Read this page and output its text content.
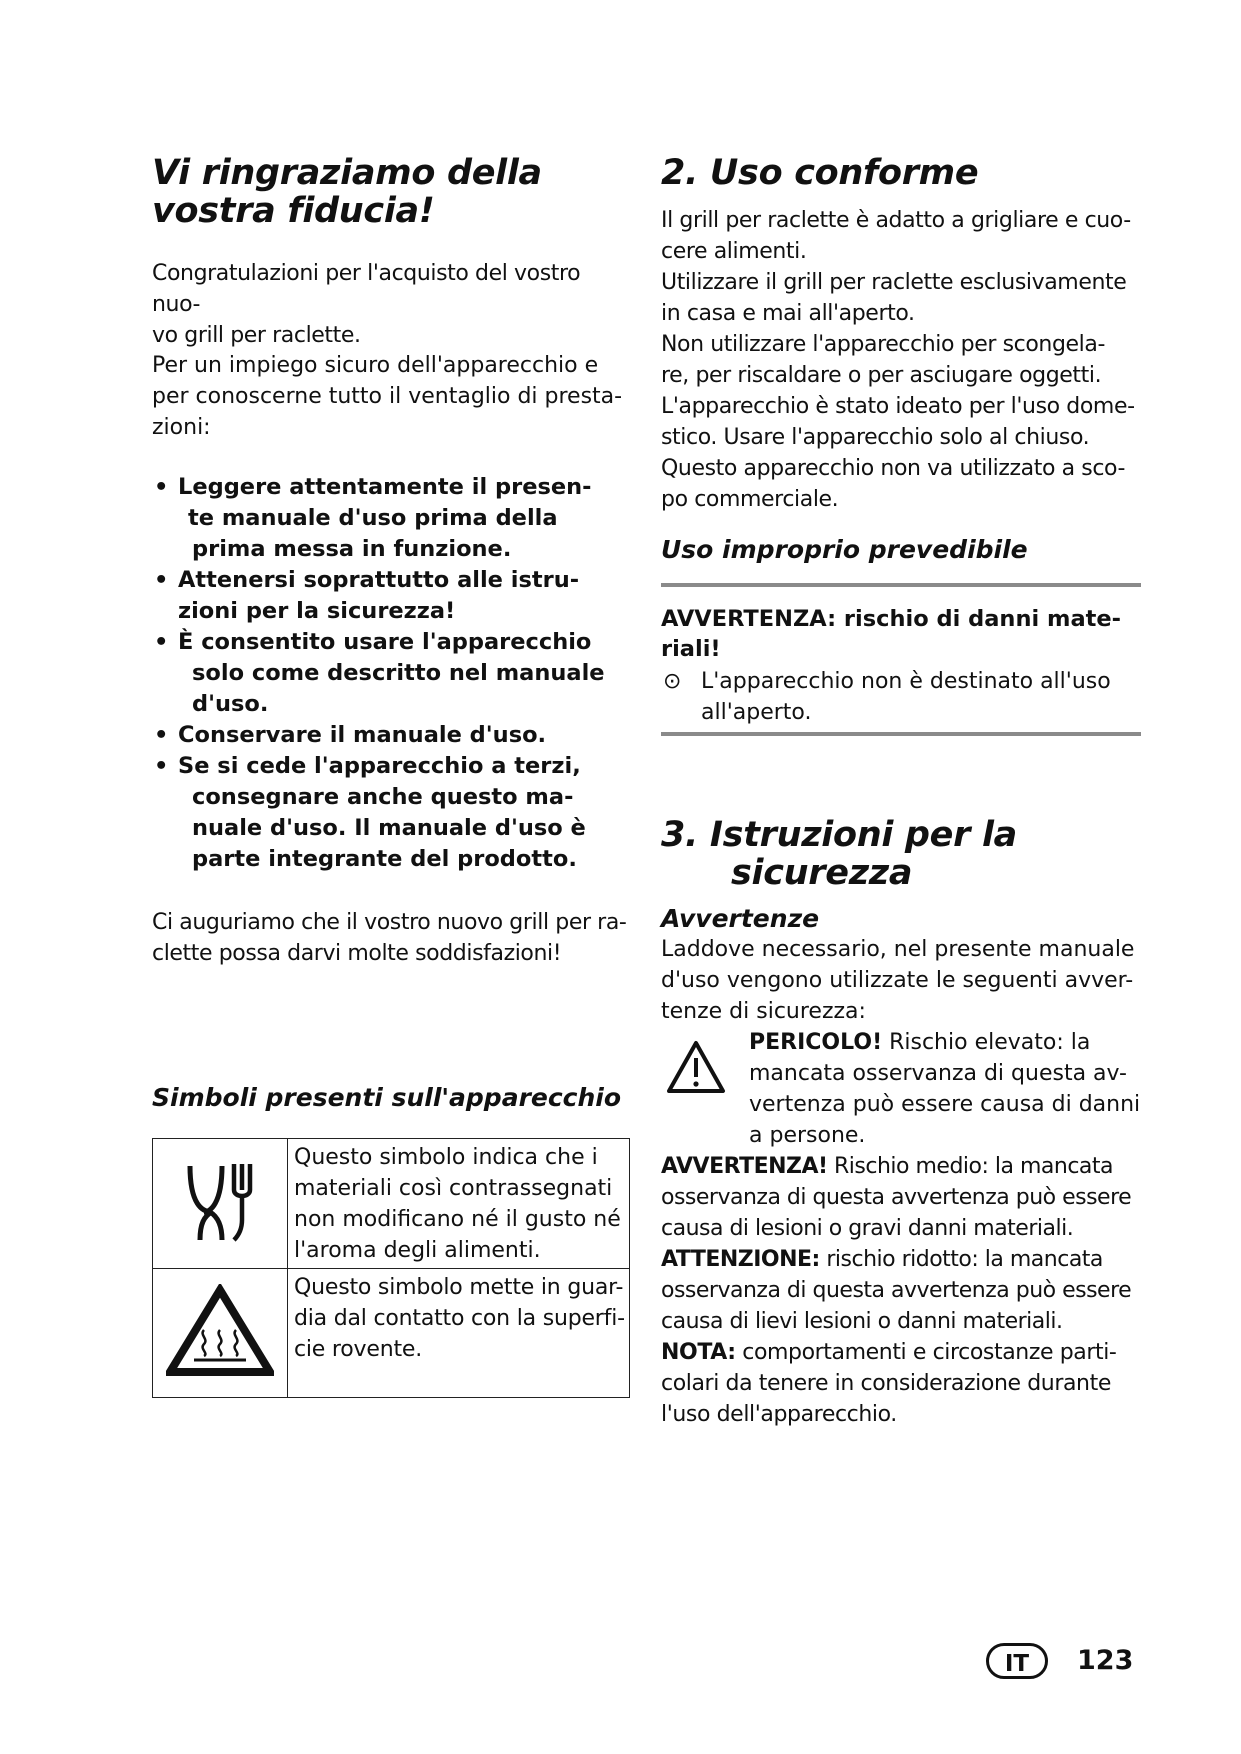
Vi ringraziamo della
vostra fiducia!

Congratulazioni per l'acquisto del vostro nuo-
vo grill per raclette.

Per un impiego sicuro dell'apparecchio e
per conoscerne tutto il ventaglio di presta-
zioni:

• Leggere attentamente il presen-
te manuale d'uso prima della
prima messa in funzione.
• Attenersi soprattutto alle istru-
zioni per la sicurezza!
• È consentito usare l'apparecchio
solo come descritto nel manuale
d'uso.
• Conservare il manuale d'uso.
• Se si cede l'apparecchio a terzi,
consegnare anche questo ma-
nuale d'uso. Il manuale d'uso è
parte integrante del prodotto.

Ci auguriamo che il vostro nuovo grill per ra-
clette possa darvi molte soddisfazioni!

Simboli presenti sull'apparecchio
	Questo simbolo indica che i
materiali così contrassegnati
non modificano né il gusto né
l'aroma degli alimenti.
	Questo simbolo mette in guar-
dia dal contatto con la superfi-
cie rovente.
2. Uso conforme

Il grill per raclette è adatto a grigliare e cuo-
cere alimenti.
Utilizzare il grill per raclette esclusivamente
in casa e mai all'aperto.
Non utilizzare l'apparecchio per scongela-
re, per riscaldare o per asciugare oggetti.
L'apparecchio è stato ideato per l'uso dome-
stico. Usare l'apparecchio solo al chiuso.
Questo apparecchio non va utilizzato a sco-
po commerciale.

Uso improprio prevedibile

AVVERTENZA: rischio di danni mate-
riali!

⊙ L'apparecchio non è destinato all'uso
all'aperto.

3. Istruzioni per la
sicurezza
Avvertenze

Laddove necessario, nel presente manuale
d'uso vengono utilizzate le seguenti avver-
tenze di sicurezza:

PERICOLO! Rischio elevato: la
mancata osservanza di questa av-
vertenza può essere causa di danni
a persone.

AVVERTENZA! Rischio medio: la mancata
osservanza di questa avvertenza può essere
causa di lesioni o gravi danni materiali.

ATTENZIONE: rischio ridotto: la mancata
osservanza di questa avvertenza può essere
causa di lievi lesioni o danni materiali.

NOTA: comportamenti e circostanze parti-
colari da tenere in considerazione durante
l'uso dell'apparecchio.

IT	123
